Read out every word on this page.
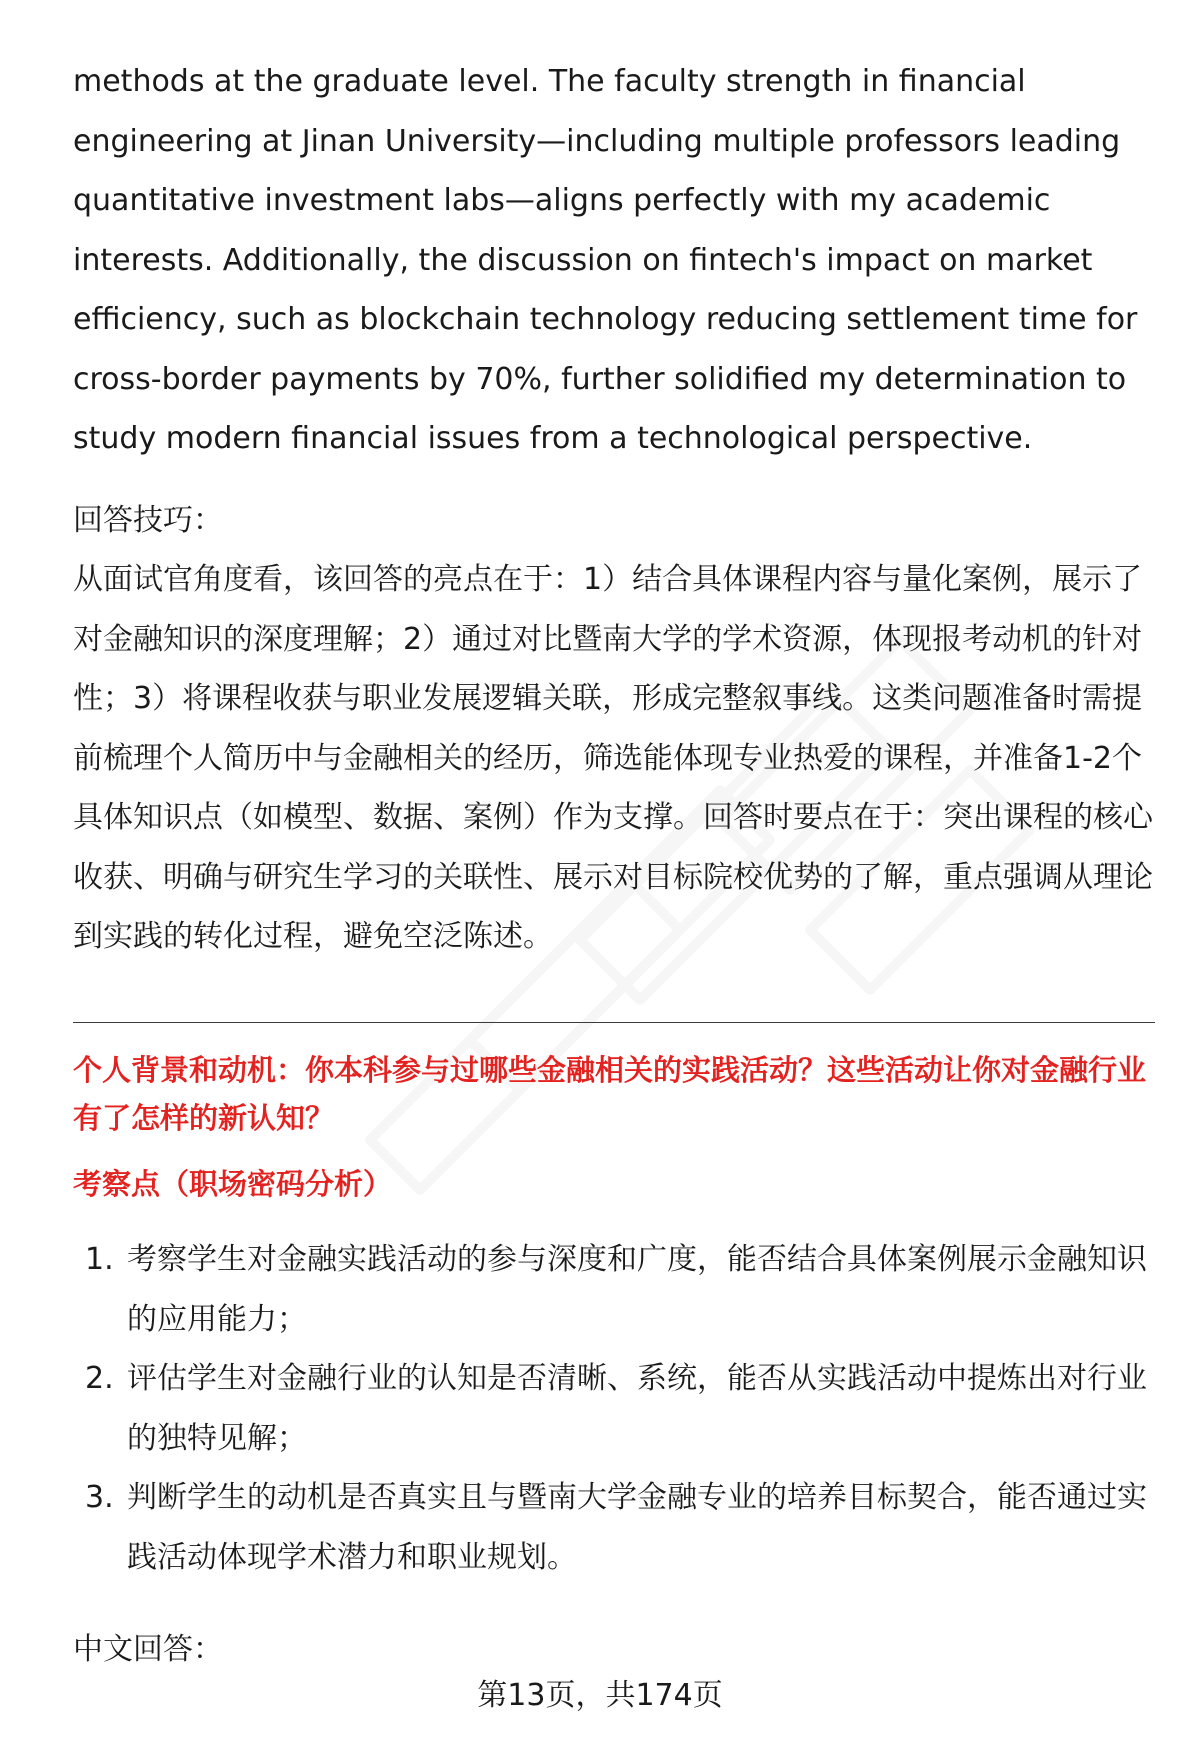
methods at the graduate level. The faculty strength in financial engineering at Jinan University—including multiple professors leading quantitative investment labs—aligns perfectly with my academic interests. Additionally, the discussion on fintech's impact on market efficiency, such as blockchain technology reducing settlement time for cross-border payments by 70%, further solidified my determination to study modern financial issues from a technological perspective.

回答技巧：

从面试官角度看，该回答的亮点在于：1）结合具体课程内容与量化案例，展示了对金融知识的深度理解；2）通过对比暨南大学的学术资源，体现报考动机的针对性；3）将课程收获与职业发展逻辑关联，形成完整叙事线。这类问题准备时需提前梳理个人简历中与金融相关的经历，筛选能体现专业热爱的课程，并准备1-2个具体知识点（如模型、数据、案例）作为支撑。回答时要点在于：突出课程的核心收获、明确与研究生学习的关联性、展示对目标院校优势的了解，重点强调从理论到实践的转化过程，避免空泛陈述。

个人背景和动机：你本科参与过哪些金融相关的实践活动？这些活动让你对金融行业有了怎样的新认知？

考察点（职场密码分析）

1. 考察学生对金融实践活动的参与深度和广度，能否结合具体案例展示金融知识的应用能力；
2. 评估学生对金融行业的认知是否清晰、系统，能否从实践活动中提炼出对行业的独特见解；
3. 判断学生的动机是否真实且与暨南大学金融专业的培养目标契合，能否通过实践活动体现学术潜力和职业规划。

中文回答：

第13页，共174页
